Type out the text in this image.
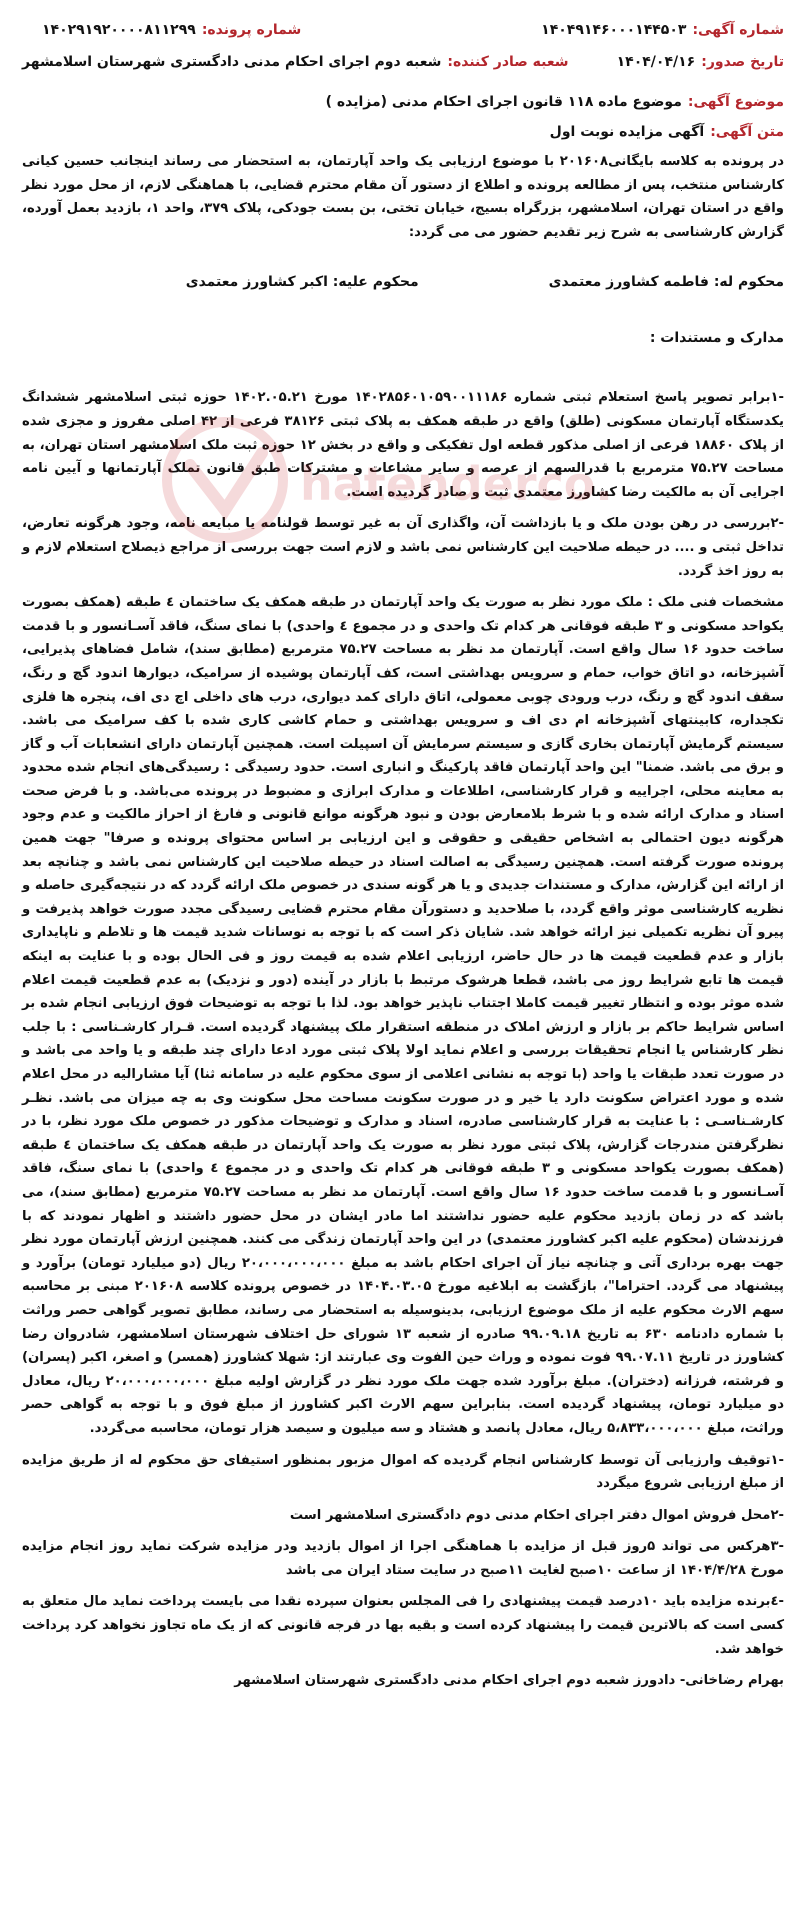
hatenderco.
شماره آگهی:
۱۴۰۴۹۱۴۶۰۰۰۱۴۴۵۰۳
شماره پرونده:
۱۴۰۲۹۱۹۲۰۰۰۰۸۱۱۲۹۹
تاریخ صدور:
۱۴۰۴/۰۴/۱۶
شعبه صادر کننده:
شعبه دوم اجرای احکام مدنی دادگستری شهرستان اسلامشهر
موضوع آگهی:
موضوع ماده ۱۱۸ قانون اجرای احکام مدنی (مزایده )
متن آگهی:
آگهی مزایده نوبت اول

در پرونده به کلاسه بایگانی۲۰۱۶۰۸ با موضوع ارزیابی یک واحد آپارتمان، به استحضار می رساند اینجانب حسین کیانی کارشناس منتخب، پس از مطالعه پرونده و اطلاع از دستور آن مقام محترم قضایی، با هماهنگی لازم، از محل مورد نظر واقع در استان تهران، اسلامشهر، بزرگراه بسیج، خیابان تختی، بن بست جودکی، پلاک ۳۷۹، واحد ۱، بازدید بعمل آورده، گزارش کارشناسی به شرح زیر تقدیم حضور می می گردد:

محکوم له: فاطمه کشاورز معتمدی
محکوم علیه: اکبر کشاورز معتمدی
مدارک و مستندات :

-۱برابر تصویر پاسخ استعلام ثبتی شماره ۱۴۰۲۸۵۶۰۱۰۵۹۰۰۱۱۱۸۶ مورخ ۱۴۰۲.۰۵.۲۱ حوزه ثبتی اسلامشهر ششدانگ یکدستگاه آپارتمان مسکونی (طلق) واقع در طبقه همکف به پلاک ثبتی ۳۸۱۲۶ فرعی از ۴۲ اصلی مفروز و مجزی شده از پلاک ۱۸۸۶۰ فرعی از اصلی مذکور قطعه اول تفکیکی و واقع در بخش ۱۲ حوزه ثبت ملک اسلامشهر استان تهران، به مساحت ۷۵.۲۷ مترمربع با قدرالسهم از عرصه و سایر مشاعات و مشترکات طبق قانون تملک آپارتمانها و آیین نامه اجرایی آن به مالکیت رضا کشاورز معتمدی ثبت و صادر گردیده است.

-۲بررسی در رهن بودن ملک و یا بازداشت آن، واگذاری آن به غیر توسط قولنامه یا مبایعه نامه، وجود هرگونه تعارض، تداخل ثبتی و .... در حیطه صلاحیت این کارشناس نمی باشد و لازم است جهت بررسی از مراجع ذیصلاح استعلام لازم و به روز اخذ گردد.

مشخصات فنی ملک : ملک مورد نظر به صورت یک واحد آپارتمان در طبقه همکف یک ساختمان ٤ طبقه (همکف بصورت یکواحد مسکونی و ۳ طبقه فوقانی هر کدام تک واحدی و در مجموع ٤ واحدی) با نمای سنگ، فاقد آسـانسور و با قدمت ساخت حدود ۱۶ سال واقع است. آپارتمان مد نظر به مساحت ۷۵.۲۷ مترمربع (مطابق سند)، شامل فضاهای پذیرایی، آشپزخانه، دو اتاق خواب، حمام و سرویس بهداشتی است، کف آپارتمان پوشیده از سرامیک، دیوارها اندود گچ و رنگ، سقف اندود گچ و رنگ، درب ورودی چوبی معمولی، اتاق دارای کمد دیواری، درب های داخلی اچ دی اف، پنجره ها فلزی تکجداره، کابینتهای آشپزخانه ام دی اف و سرویس بهداشتی و حمام کاشی کاری شده با کف سرامیک می باشد. سیستم گرمایش آپارتمان بخاری گازی و سیستم سرمایش آن اسپیلت است. همچنین آپارتمان دارای انشعابات آب و گاز و برق می باشد. ضمنا" این واحد آپارتمان فاقد پارکینگ و انباری است. حدود رسیدگی : رسیدگی‌های انجام شده محدود به معاینه محلی، اجراییه و قرار کارشناسی، اطلاعات و مدارک ابرازی و مضبوط در پرونده می‌باشد. و با فرض صحت اسناد و مدارک ارائه شده و با شرط بلامعارض بودن و نبود هرگونه موانع قانونی و فارغ از احراز مالکیت و عدم وجود هرگونه دیون احتمالی به اشخاص حقیقی و حقوقی و این ارزیابی بر اساس محتوای پرونده و صرفا" جهت همین پرونده صورت گرفته است. همچنین رسیدگی به اصالت اسناد در حیطه صلاحیت این کارشناس نمی باشد و چنانچه بعد از ارائه این گزارش، مدارک و مستندات جدیدی و یا هر گونه سندی در خصوص ملک ارائه گردد که در نتیجه‌گیری حاصله و نظریه کارشناسی موثر واقع گردد، با صلاحدید و دستورآن مقام محترم قضایی رسیدگی مجدد صورت خواهد پذیرفت و پیرو آن نظریه تکمیلی نیز ارائه خواهد شد. شایان ذکر است که با توجه به نوسانات شدید قیمت ها و تلاطم و ناپایداری بازار و عدم قطعیت قیمت ها در حال حاضر، ارزیابی اعلام شده به قیمت روز و فی الحال بوده و با عنایت به اینکه قیمت ها تابع شرایط روز می باشد، قطعا هرشوک مرتبط با بازار در آینده (دور و نزدیک) به عدم قطعیت قیمت اعلام شده موثر بوده و انتظار تغییر قیمت کاملا اجتناب ناپذیر خواهد بود. لذا با توجه به توضیحات فوق ارزیابی انجام شده بر اساس شرایط حاکم بر بازار و ارزش املاک در منطقه استقرار ملک پیشنهاد گردیده است. قـرار کارشـناسی : با جلب نظر کارشناس یا انجام تحقیقات بررسی و اعلام نماید اولا پلاک ثبتی مورد ادعا دارای چند طبقه و یا واحد می باشد و در صورت تعدد طبقات یا واحد (با توجه به نشانی اعلامی از سوی محکوم علیه در سامانه ثنا) آیا مشارالیه در محل اعلام شده و مورد اعتراض سکونت دارد یا خیر و در صورت سکونت مساحت محل سکونت وی به چه میزان می باشد. نظـر کارشـناسـی : با عنایت به قرار کارشناسی صادره، اسناد و مدارک و توضیحات مذکور در خصوص ملک مورد نظر، با در نظرگرفتن مندرجات گزارش، پلاک ثبتی مورد نظر به صورت یک واحد آپارتمان در طبقه همکف یک ساختمان ٤ طبقه (همکف بصورت یکواحد مسکونی و ۳ طبقه فوقانی هر کدام تک واحدی و در مجموع ٤ واحدی) با نمای سنگ، فاقد آسـانسور و با قدمت ساخت حدود ۱۶ سال واقع است. آپارتمان مد نظر به مساحت ۷۵.۲۷ مترمربع (مطابق سند)، می باشد که در زمان بازدید محکوم علیه حضور نداشتند اما مادر ایشان در محل حضور داشتند و اظهار نمودند که با فرزندشان (محکوم علیه اکبر کشاورز معتمدی) در این واحد آپارتمان زندگی می کنند. همچنین ارزش آپارتمان مورد نظر جهت بهره برداری آتی و چنانچه نیاز آن اجرای احکام باشد به مبلغ ۲۰،۰۰۰،۰۰۰،۰۰۰ ریال (دو میلیارد تومان) برآورد و پیشنهاد می گردد. احتراما"، بازگشت به ابلاغیه مورخ ۱۴۰۴.۰۳.۰۵ در خصوص پرونده کلاسه ۲۰۱۶۰۸ مبنی بر محاسبه سهم الارث محکوم علیه از ملک موضوع ارزیابی، بدینوسیله به استحضار می رساند، مطابق تصویر گواهی حصر وراثت با شماره دادنامه ۶۳۰ به تاریخ ۹۹.۰۹.۱۸ صادره از شعبه ۱۳ شورای حل اختلاف شهرستان اسلامشهر، شادروان رضا کشاورز در تاریخ ۹۹.۰۷.۱۱ فوت نموده و وراث حین الفوت وی عبارتند از: شهلا کشاورز (همسر) و اصغر، اکبر (پسران) و فرشته، فرزانه (دختران). مبلغ برآورد شده جهت ملک مورد نظر در گزارش اولیه مبلغ ۲۰،۰۰۰،۰۰۰،۰۰۰ ریال، معادل دو میلیارد تومان، پیشنهاد گردیده است. بنابراین سهم الارث اکبر کشاورز از مبلغ فوق و با توجه به گواهی حصر وراثت، مبلغ ۵،۸۳۳،۰۰۰،۰۰۰ ریال، معادل پانصد و هشتاد و سه میلیون و سیصد هزار تومان، محاسبه می‌گردد.

-۱توقیف وارزیابی آن توسط کارشناس انجام گردیده که اموال مزبور بمنظور استیفای حق محکوم له از طریق مزایده از مبلغ ارزیابی شروع میگردد

-۲محل فروش اموال دفتر اجرای احکام مدنی دوم دادگستری اسلامشهر است

-۳هرکس می تواند ۵روز قبل از مزایده با هماهنگی اجرا از اموال بازدید ودر مزایده شرکت نماید روز انجام مزایده مورخ ۱۴۰۴/۴/۲۸ از ساعت ۱۰صبح لغایت ۱۱صبح در سایت ستاد ایران می باشد

-٤برنده مزایده باید ۱۰درصد قیمت پیشنهادی را فی المجلس بعنوان سپرده نقدا می بایست پرداخت نماید مال متعلق به کسی است که بالاترین قیمت را پیشنهاد کرده است و بقیه بها در فرجه قانونی که از یک ماه تجاوز نخواهد کرد پرداخت خواهد شد.

بهرام رضاخانی- دادورز شعبه دوم اجرای احکام مدنی دادگستری شهرستان اسلامشهر
